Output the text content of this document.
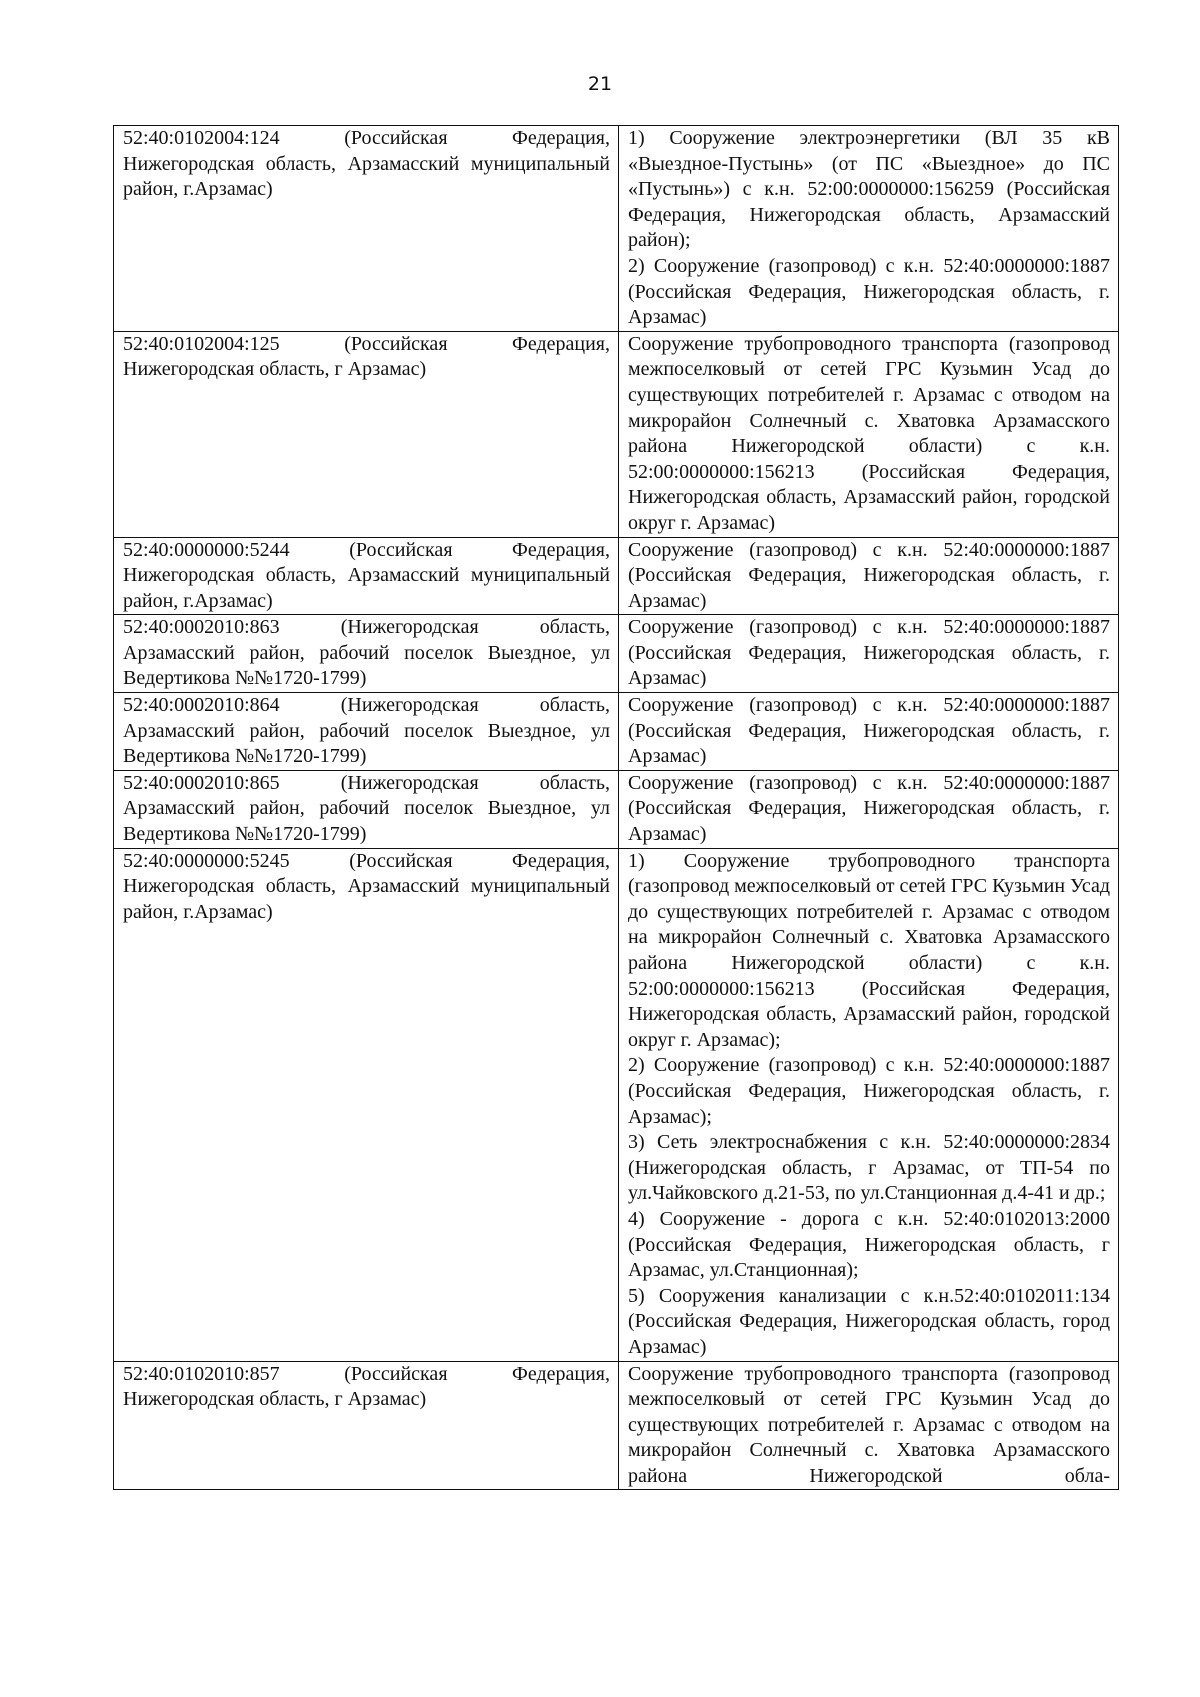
21
52:40:0102004:124 (Российская Федерация, Нижегородская область, Арзамасский муниципальный район, г.Арзамас)	1) Сооружение электроэнергетики (ВЛ 35 кВ «Выездное-Пустынь» (от ПС «Выездное» до ПС «Пустынь») с к.н. 52:00:0000000:156259 (Российская Федерация, Нижегородская область, Арзамасский район);
2) Сооружение (газопровод) с к.н. 52:40:0000000:1887 (Российская Федерация, Нижегородская область, г. Арзамас)

52:40:0102004:125 (Российская Федерация, Нижегородская область, г Арзамас)	Сооружение трубопроводного транспорта (газопровод межпоселковый от сетей ГРС Кузьмин Усад до существующих потребителей г. Арзамас с отводом на микрорайон Солнечный с. Хватовка Арзамасского района Нижегородской области) с к.н. 52:00:0000000:156213 (Российская Федерация, Нижегородская область, Арзамасский район, городской округ г. Арзамас)

52:40:0000000:5244 (Российская Федерация, Нижегородская область, Арзамасский муниципальный район, г.Арзамас)	Сооружение (газопровод) с к.н. 52:40:0000000:1887 (Российская Федерация, Нижегородская область, г. Арзамас)

52:40:0002010:863 (Нижегородская область, Арзамасский район, рабочий поселок Выездное, ул Ведертикова №№1720-1799)	Сооружение (газопровод) с к.н. 52:40:0000000:1887 (Российская Федерация, Нижегородская область, г. Арзамас)

52:40:0002010:864 (Нижегородская область, Арзамасский район, рабочий поселок Выездное, ул Ведертикова №№1720-1799)	Сооружение (газопровод) с к.н. 52:40:0000000:1887 (Российская Федерация, Нижегородская область, г. Арзамас)

52:40:0002010:865 (Нижегородская область, Арзамасский район, рабочий поселок Выездное, ул Ведертикова №№1720-1799)	Сооружение (газопровод) с к.н. 52:40:0000000:1887 (Российская Федерация, Нижегородская область, г. Арзамас)

52:40:0000000:5245 (Российская Федерация, Нижегородская область, Арзамасский муниципальный район, г.Арзамас)	1) Сооружение трубопроводного транспорта (газопровод межпоселковый от сетей ГРС Кузьмин Усад до существующих потребителей г. Арзамас с отводом на микрорайон Солнечный с. Хватовка Арзамасского района Нижегородской области) с к.н. 52:00:0000000:156213 (Российская Федерация, Нижегородская область, Арзамасский район, городской округ г. Арзамас);
2) Сооружение (газопровод) с к.н. 52:40:0000000:1887 (Российская Федерация, Нижегородская область, г. Арзамас);
3) Сеть электроснабжения с к.н. 52:40:0000000:2834 (Нижегородская область, г Арзамас, от ТП-54 по ул.Чайковского д.21-53, по ул.Станционная д.4-41 и др.;
4) Сооружение - дорога с к.н. 52:40:0102013:2000 (Российская Федерация, Нижегородская область, г Арзамас, ул.Станционная);
5) Сооружения канализации с к.н.52:40:0102011:134 (Российская Федерация, Нижегородская область, город Арзамас)

52:40:0102010:857 (Российская Федерация, Нижегородская область, г Арзамас)	Сооружение трубопроводного транспорта (газопровод межпоселковый от сетей ГРС Кузьмин Усад до существующих потребителей г. Арзамас с отводом на микрорайон Солнечный с. Хватовка Арзамасского района Нижегородской обла-
